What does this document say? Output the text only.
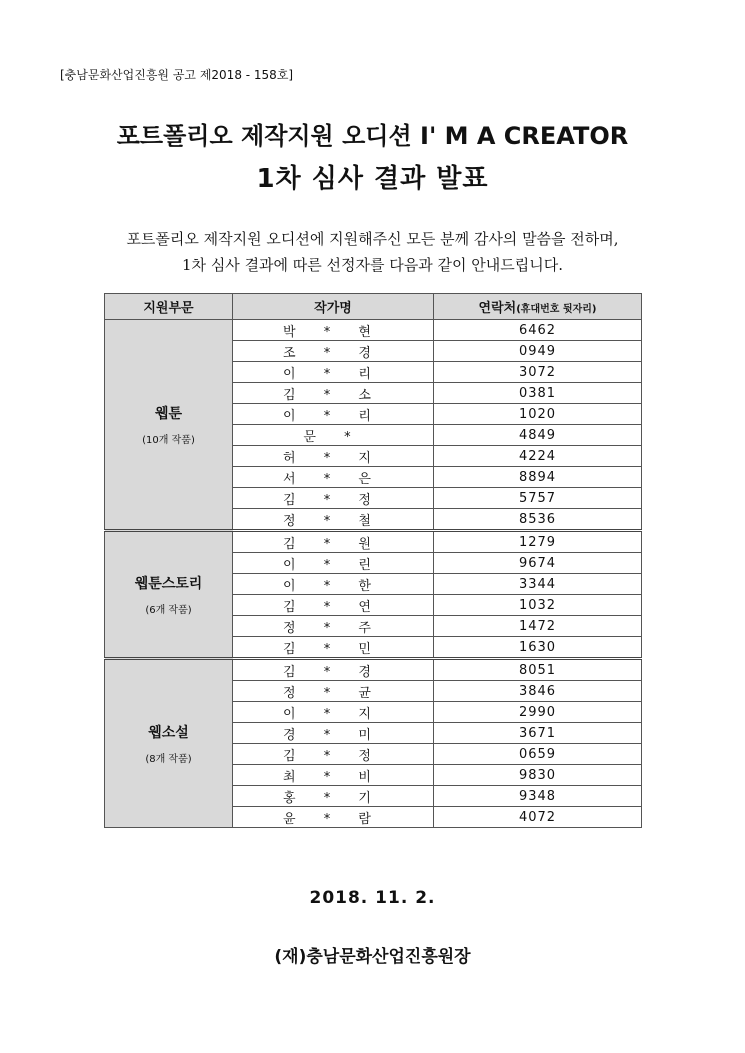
[충남문화산업진흥원 공고 제2018 - 158호]
포트폴리오 제작지원 오디션 I' M A CREATOR
1차 심사 결과 발표
포트폴리오 제작지원 오디션에 지원해주신 모든 분께 감사의 말씀을 전하며,
1차 심사 결과에 따른 선정자를 다음과 같이 안내드립니다.
지원부문	작가명	연락처(휴대번호 뒷자리)

웹툰
(10개 작품)	박 * 현	6462
	조 * 경	0949
	이 * 리	3072
	김 * 소	0381
	이 * 리	1020
	문 *	4849
	허 * 지	4224
	서 * 은	8894
	김 * 정	5757
	정 * 철	8536

웹툰스토리
(6개 작품)	김 * 원	1279
	이 * 린	9674
	이 * 한	3344
	김 * 연	1032
	정 * 주	1472
	김 * 민	1630

웹소설
(8개 작품)	김 * 경	8051
	정 * 균	3846
	이 * 지	2990
	경 * 미	3671
	김 * 정	0659
	최 * 비	9830
	홍 * 기	9348
	윤 * 람	4072
2018. 11. 2.
(재)충남문화산업진흥원장
